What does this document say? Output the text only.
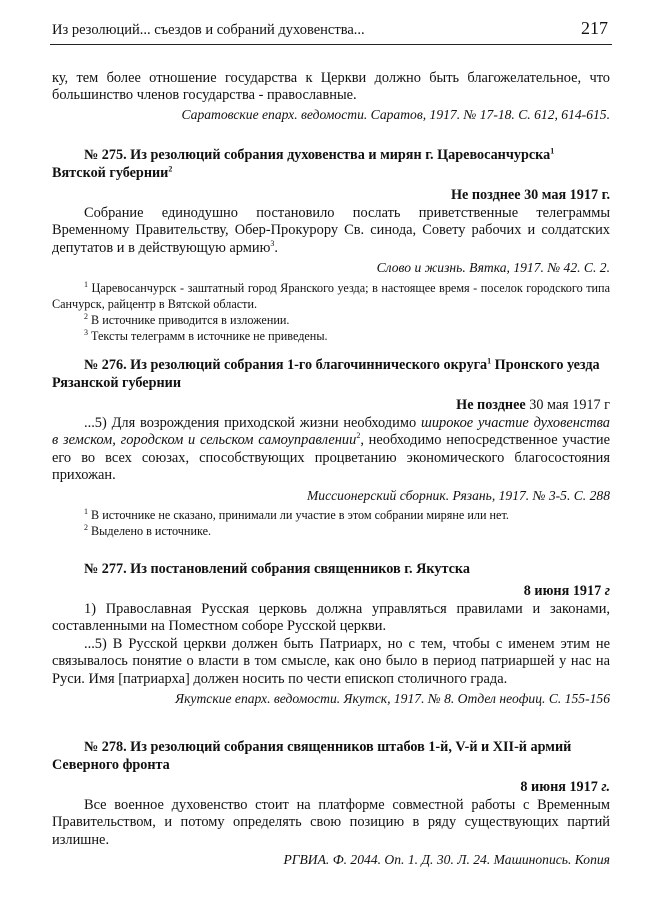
Из резолюций... съездов и собраний духовенства...	217

ку, тем более отношение государства к Церкви должно быть благожелательное, что большинство членов государства - православные.

Саратовские епарх. ведомости. Саратов, 1917. № 17-18. С. 612, 614-615.

№ 275. Из резолюций собрания духовенства и мирян г. Царевосанчурска$^1$ Вятской губернии$^2$

Не позднее 30 мая 1917 г.

Собрание единодушно постановило послать приветственные телеграммы Временному Правительству, Обер-Прокурору Св. синода, Совету рабочих и солдатских депутатов и в действующую армию$^3$.

Слово и жизнь. Вятка, 1917. № 42. С. 2.

$^1$ Царевосанчурск - заштатный город Яранского уезда; в настоящее время - поселок городского типа Санчурск, райцентр в Вятской области.

$^2$ В источнике приводится в изложении.

$^3$ Тексты телеграмм в источнике не приведены.

№ 276. Из резолюций собрания 1-го благочиннического округа$^1$ Пронского уезда Рязанской губернии

Не позднее 30 мая 1917 г

...5) Для возрождения приходской жизни необходимо широкое участие духовенства в земском, городском и сельском самоуправлении$^2$, необходимо непосредственное участие его во всех союзах, способствующих процветанию экономического благосостояния прихожан.

Миссионерский сборник. Рязань, 1917. № 3-5. С. 288

$^1$ В источнике не сказано, принимали ли участие в этом собрании миряне или нет.

$^2$ Выделено в источнике.

№ 277. Из постановлений собрания священников г. Якутска

8 июня 1917 г

1) Православная Русская церковь должна управляться правилами и законами, составленными на Поместном соборе Русской церкви.

...5) В Русской церкви должен быть Патриарх, но с тем, чтобы с именем этим не связывалось понятие о власти в том смысле, как оно было в период патриаршей у нас на Руси. Имя [патриарха] должен носить по чести епископ столичного града.

Якутские епарх. ведомости. Якутск, 1917. № 8. Отдел неофиц. С. 155-156

№ 278. Из резолюций собрания священников штабов 1-й, V-й и XII-й армий Северного фронта

8 июня 1917 г.

Все военное духовенство стоит на платформе совместной работы с Временным Правительством, и потому определять свою позицию в ряду существующих партий излишне.

РГВИА. Ф. 2044. Оп. 1. Д. 30. Л. 24. Машинопись. Копия
